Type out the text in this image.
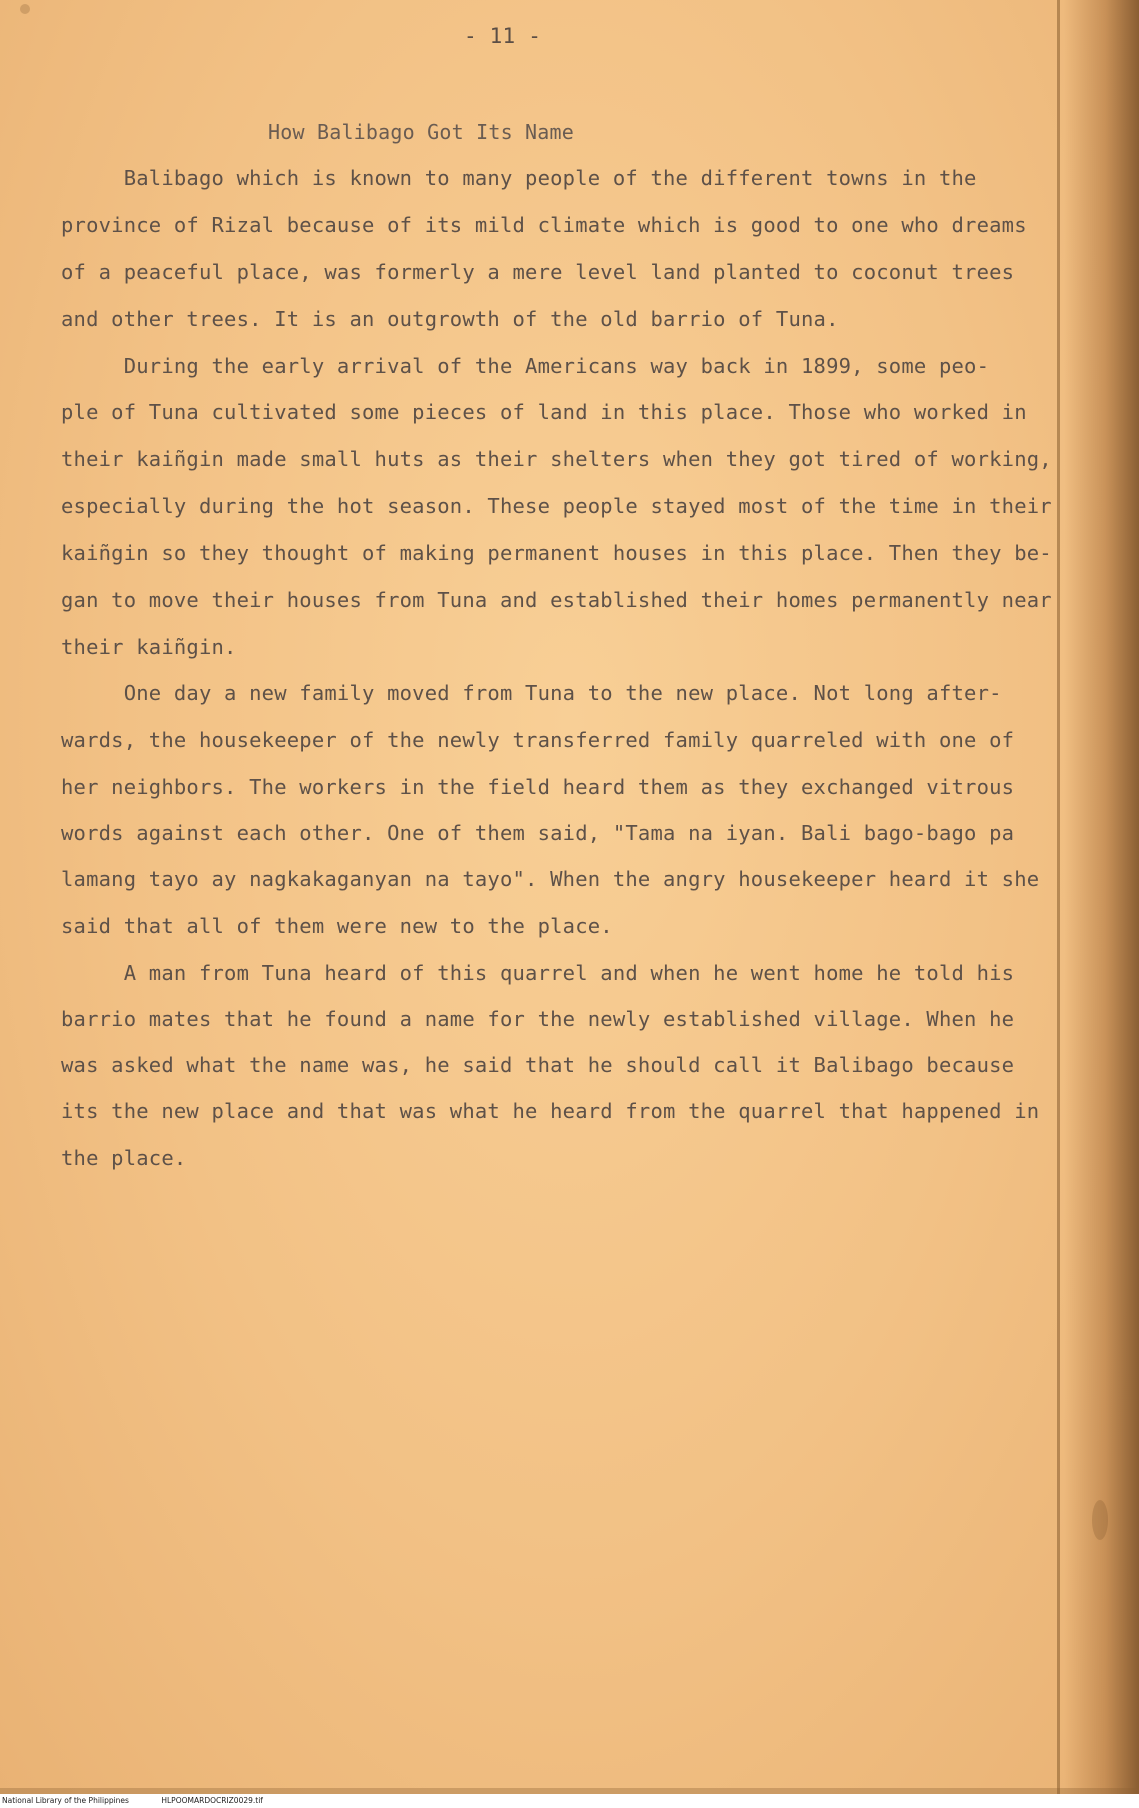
- 11 -

How Balibago Got Its Name

Balibago which is known to many people of the different towns in the

province of Rizal because of its mild climate which is good to one who dreams

of a peaceful place, was formerly a mere level land planted to coconut trees

and other trees. It is an outgrowth of the old barrio of Tuna.

During the early arrival of the Americans way back in 1899, some peo-

ple of Tuna cultivated some pieces of land in this place. Those who worked in

their kaiñgin made small huts as their shelters when they got tired of working,

especially during the hot season. These people stayed most of the time in their

kaiñgin so they thought of making permanent houses in this place. Then they be-

gan to move their houses from Tuna and established their homes permanently near

their kaiñgin.

One day a new family moved from Tuna to the new place. Not long after-

wards, the housekeeper of the newly transferred family quarreled with one of

her neighbors. The workers in the field heard them as they exchanged vitrous

words against each other. One of them said, "Tama na iyan. Bali bago-bago pa

lamang tayo ay nagkakaganyan na tayo". When the angry housekeeper heard it she

said that all of them were new to the place.

A man from Tuna heard of this quarrel and when he went home he told his

barrio mates that he found a name for the newly established village. When he

was asked what the name was, he said that he should call it Balibago because

its the new place and that was what he heard from the quarrel that happened in

the place.

National Library of the Philippines	HLPOOMARDOCRIZ0029.tif
